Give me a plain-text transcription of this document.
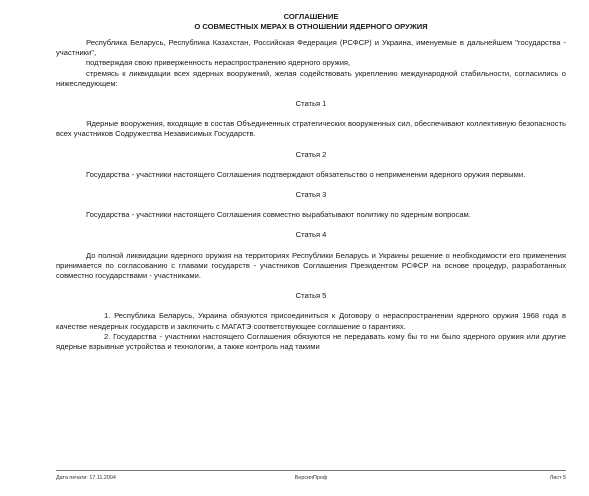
СОГЛАШЕНИЕ
О СОВМЕСТНЫХ МЕРАХ В ОТНОШЕНИИ ЯДЕРНОГО ОРУЖИЯ

Республика Беларусь, Республика Казахстан, Российская Федерация (РСФСР) и Украина, именуемые в дальнейшем "государства - участники",

подтверждая свою приверженность нераспространению ядерного оружия,

стремясь к ликвидации всех ядерных вооружений, желая содействовать укреплению международной стабильности, согласились о нижеследующем:

Статья 1

Ядерные вооружения, входящие в состав Объединенных стратегических вооруженных сил, обеспечивают коллективную безопасность всех участников Содружества Независимых Государств.

Статья 2

Государства - участники настоящего Соглашения подтверждают обязательство о неприменении ядерного оружия первыми.

Статья 3

Государства - участники настоящего Соглашения совместно вырабатывают политику по ядерным вопросам.

Статья 4

До полной ликвидации ядерного оружия на территориях Республики Беларусь и Украины решение о необходимости его применения принимается по согласованию с главами государств - участников Соглашения Президентом РСФСР на основе процедур, разработанных совместно государствами - участниками.

Статья 5

1. Республика Беларусь, Украина обязуются присоединиться к Договору о нераспространении ядерного оружия 1968 года в качестве неядерных государств и заключить с МАГАТЭ соответствующее соглашение о гарантиях.

2. Государства - участники настоящего Соглашения обязуются не передавать кому бы то ни было ядерного оружия или другие ядерные взрывные устройства и технологии, а также контроль над такими

Дата печати: 17.11.2004	ВерсияПроф	Лист 5
